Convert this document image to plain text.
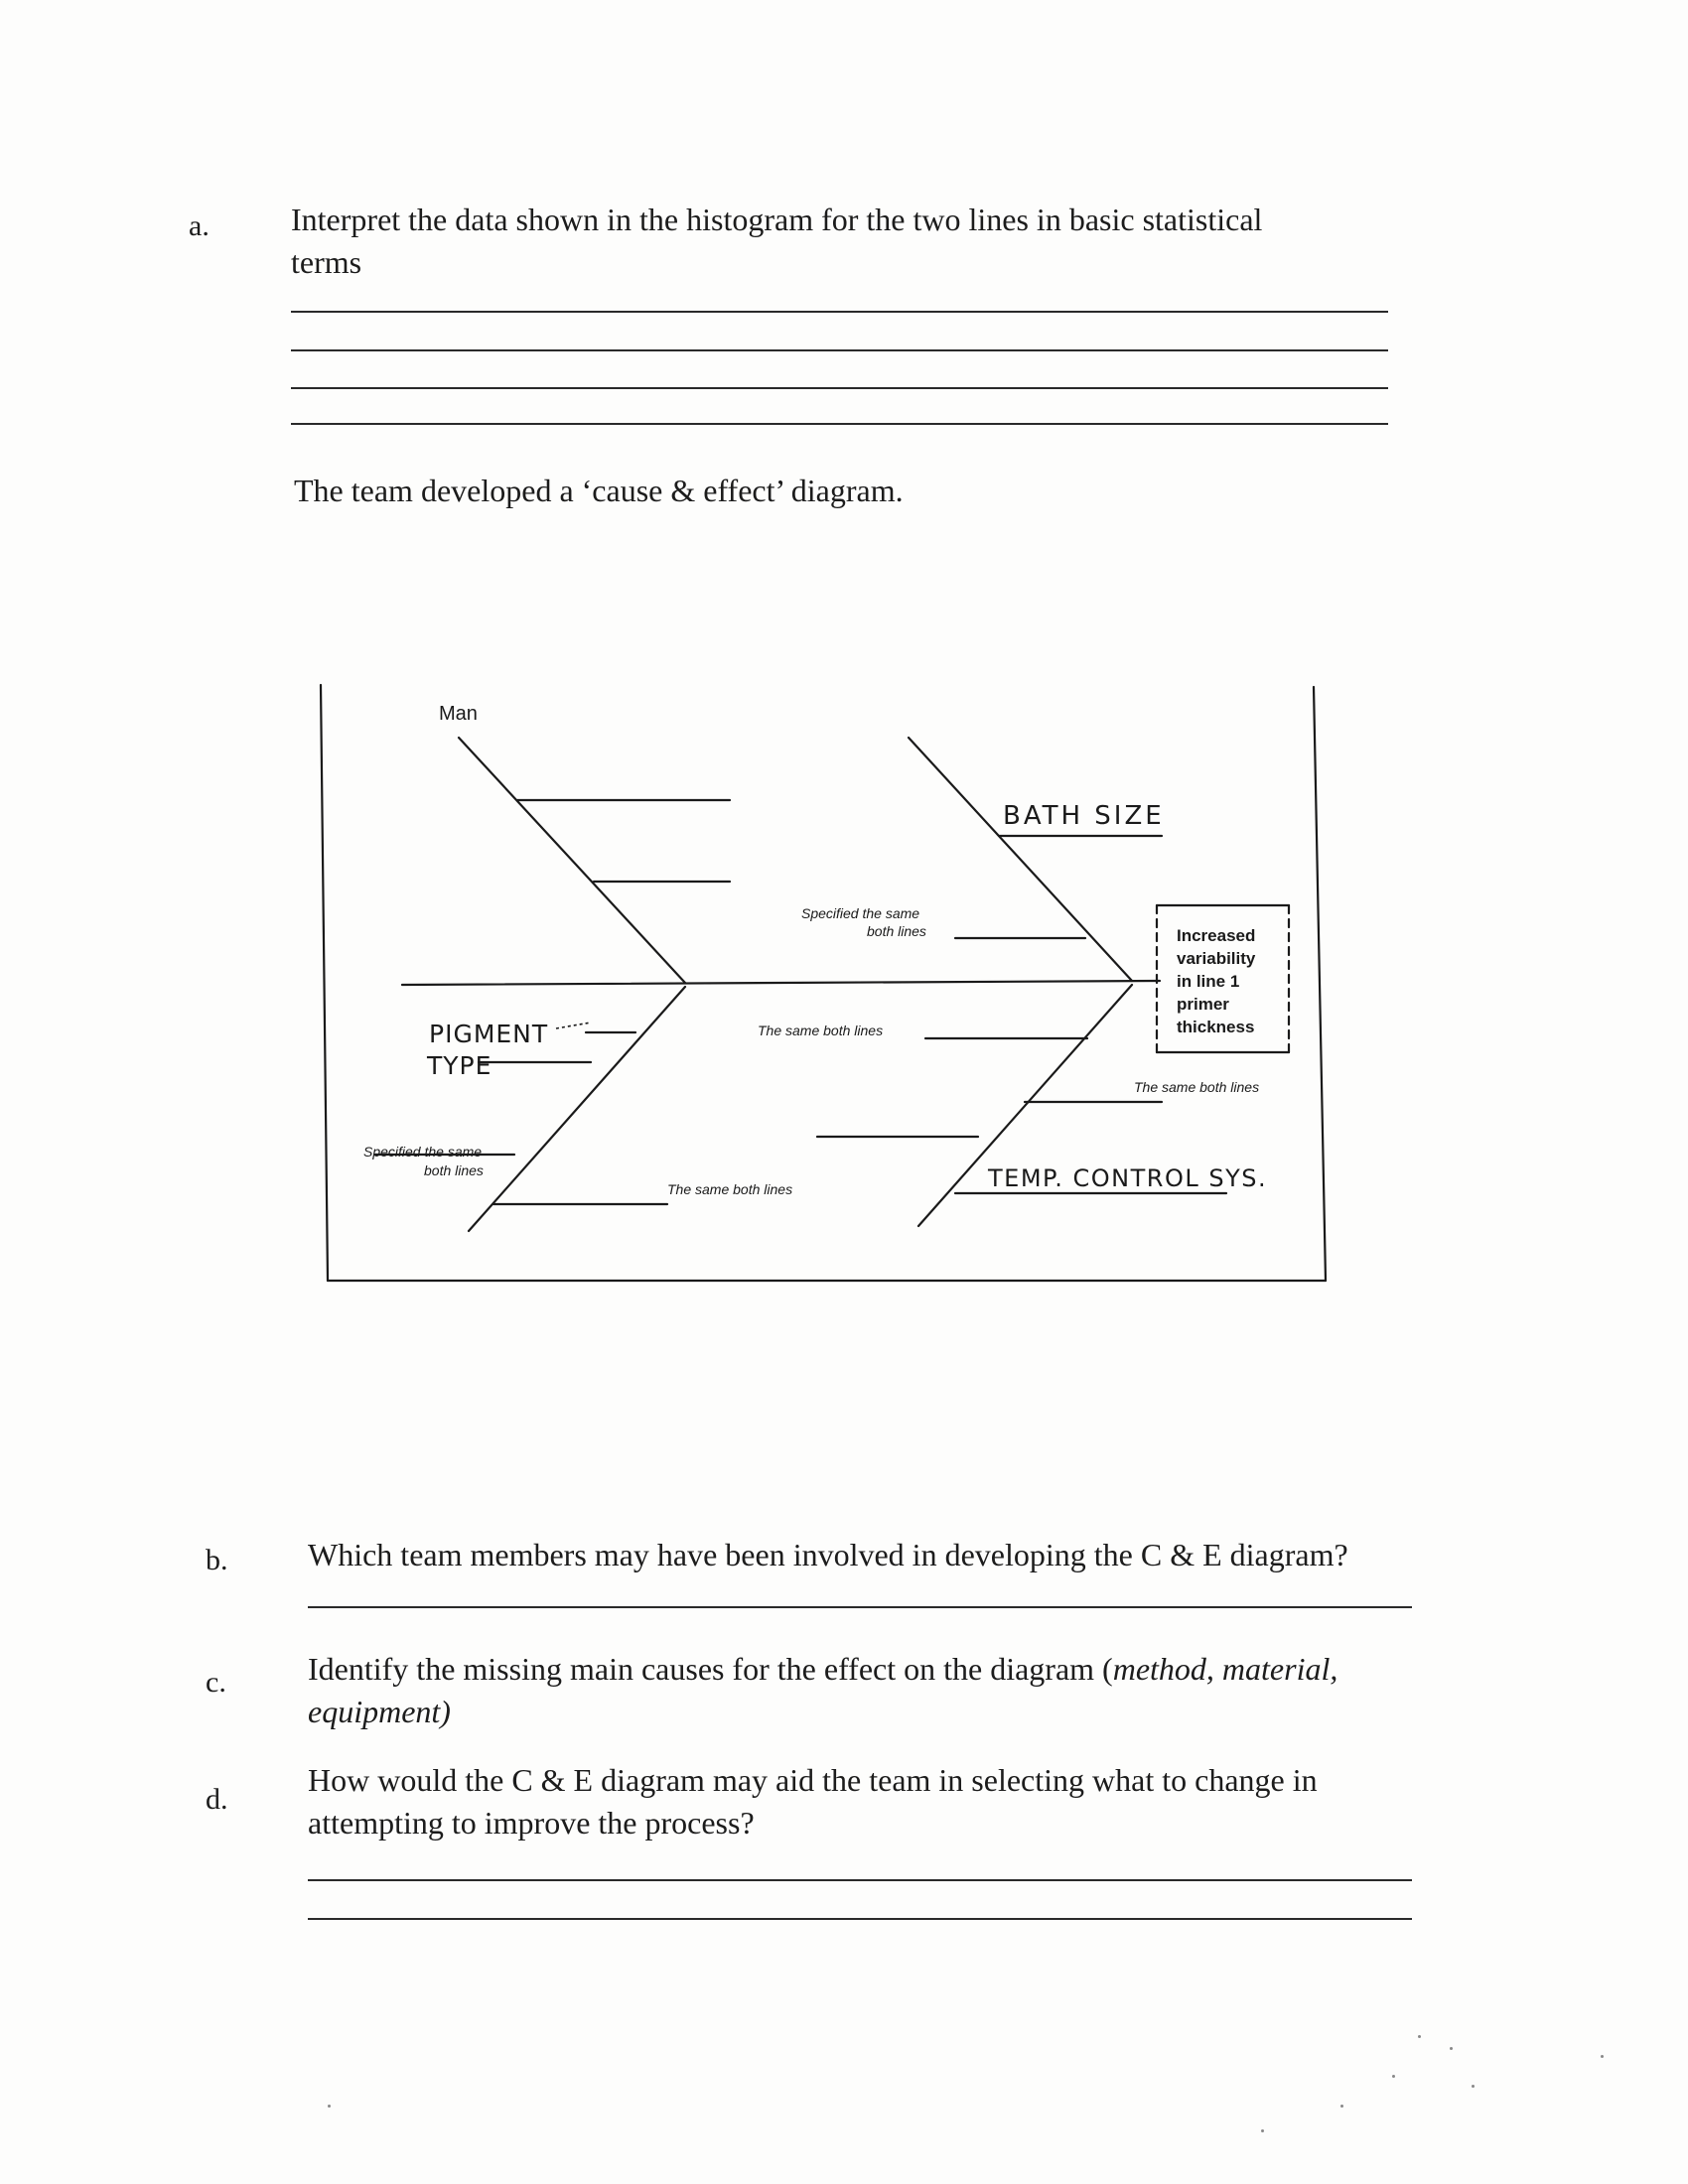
a.	Interpret the data shown in the histogram for the two lines in basic statistical terms
The team developed a ‘cause & effect’ diagram.
Increased
variability
in line 1
primer
thickness
Man
Specified the same
both lines
The same both lines
The same both lines
Specified the same
both lines
The same both lines
BATH SIZE
PIGMENT
TYPE
TEMP. CONTROL SYS.
b.	Which team members may have been involved in developing the C & E diagram?
c.	Identify the missing main causes for the effect on the diagram (method, material, equipment)
d.
How would the C & E diagram may aid the team in selecting what to change in attempting to improve the process?
